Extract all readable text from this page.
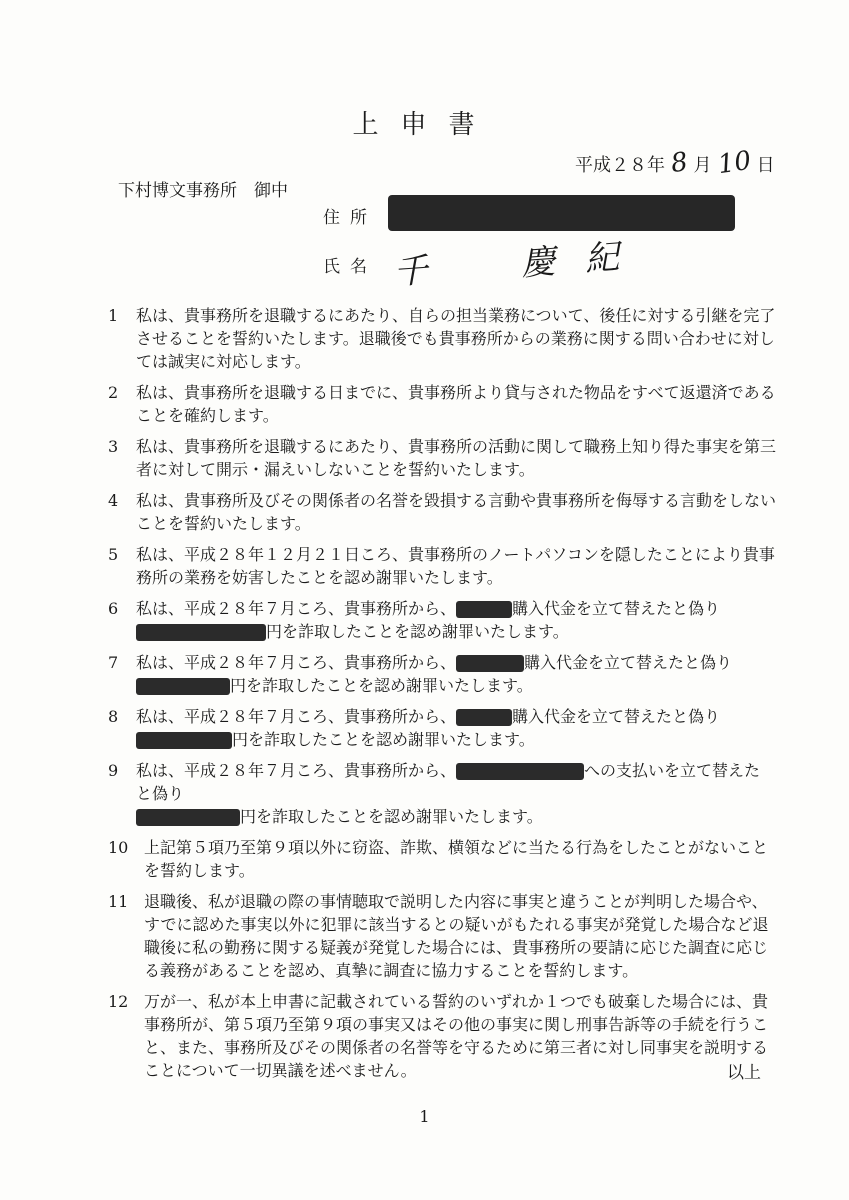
上申書
平成２８年 8 月 10 日
下村博文事務所　御中
住所
氏名 千　慶紀
1	私は、貴事務所を退職するにあたり、自らの担当業務について、後任に対する引継を完了させることを誓約いたします。退職後でも貴事務所からの業務に関する問い合わせに対しては誠実に対応します。
2	私は、貴事務所を退職する日までに、貴事務所より貸与された物品をすべて返還済であることを確約します。
3	私は、貴事務所を退職するにあたり、貴事務所の活動に関して職務上知り得た事実を第三者に対して開示・漏えいしないことを誓約いたします。
4	私は、貴事務所及びその関係者の名誉を毀損する言動や貴事務所を侮辱する言動をしないことを誓約いたします。
5	私は、平成２８年１２月２１日ころ、貴事務所のノートパソコンを隠したことにより貴事務所の業務を妨害したことを認め謝罪いたします。
6	私は、平成２８年７月ころ、貴事務所から、	購入代金を立て替えたと偽り
円を詐取したことを認め謝罪いたします。
7	私は、平成２８年７月ころ、貴事務所から、	購入代金を立て替えたと偽り
円を詐取したことを認め謝罪いたします。
8	私は、平成２８年７月ころ、貴事務所から、	購入代金を立て替えたと偽り
円を詐取したことを認め謝罪いたします。
9	私は、平成２８年７月ころ、貴事務所から、	への支払いを立て替えたと偽り
円を詐取したことを認め謝罪いたします。
10 上記第５項乃至第９項以外に窃盗、詐欺、横領などに当たる行為をしたことがないことを誓約します。
11 退職後、私が退職の際の事情聴取で説明した内容に事実と違うことが判明した場合や、すでに認めた事実以外に犯罪に該当するとの疑いがもたれる事実が発覚した場合など退職後に私の勤務に関する疑義が発覚した場合には、貴事務所の要請に応じた調査に応じる義務があることを認め、真摯に調査に協力することを誓約します。
12 万が一、私が本上申書に記載されている誓約のいずれか１つでも破棄した場合には、貴事務所が、第５項乃至第９項の事実又はその他の事実に関し刑事告訴等の手続を行うこと、また、事務所及びその関係者の名誉等を守るために第三者に対し同事実を説明することについて一切異議を述べません。	以上
1
